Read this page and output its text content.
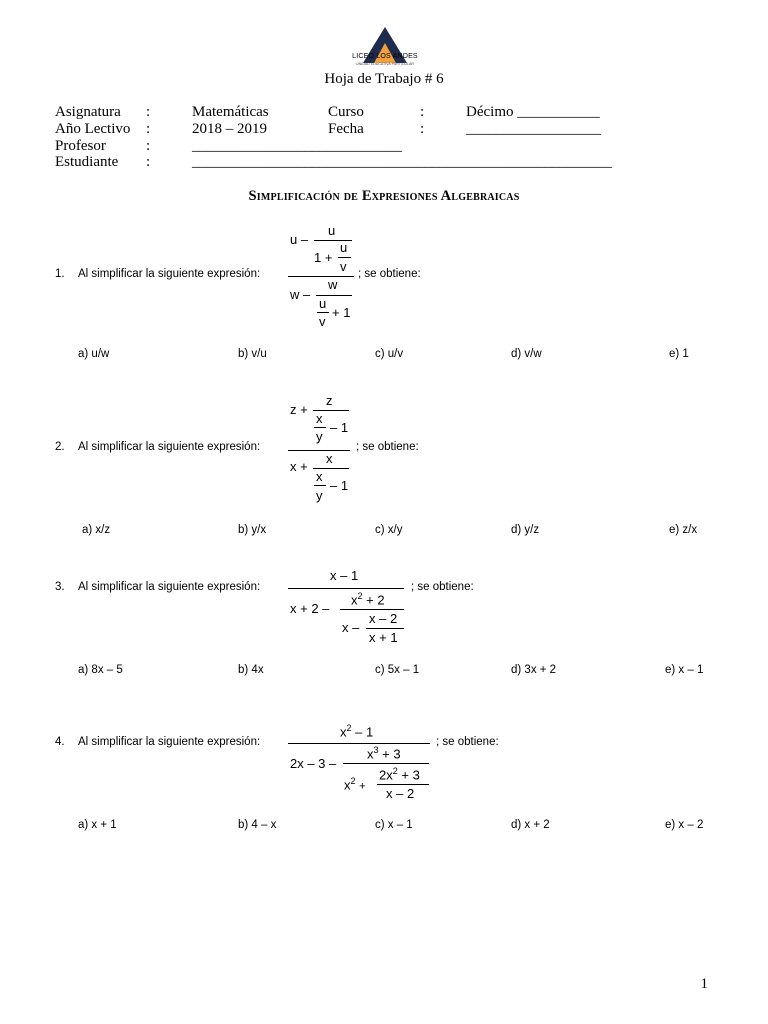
LICEO LOS ANDES
UNIDAD EDUCATIVA PARTICULAR
Hoja de Trabajo # 6
Asignatura :	Matemáticas	Curso	:	Décimo ___________
Año Lectivo :	2018 – 2019	Fecha	:	__________________
Profesor	:	____________________________
Estudiante :	________________________________________________________
Simplificación de Expresiones Algebraicas
1. Al simplificar la siguiente expresión:	; se obtiene:
u –
u
1 +
u
v
w –
w
u
v
+ 1
a) u/w	b) v/u	c) u/v	d) v/w	e) 1
2. Al simplificar la siguiente expresión:	; se obtiene:
z +
z
x
y
– 1
x +
x
x
y
– 1
a) x/z	b) y/x	c) x/y	d) y/z	e) z/x
3. Al simplificar la siguiente expresión:	; se obtiene:
x – 1
x + 2 –
$x^2 + 2$
x –
x – 2
x + 1
a) 8x – 5	b) 4x	c) 5x – 1	d) 3x + 2	e) x – 1
4. Al simplificar la siguiente expresión:	; se obtiene:
$x^2 - 1$
2x – 3 –
$x^3 + 3$
$x^2$ +
$2x^2 + 3$
x – 2
a) x + 1	b) 4 – x	c) x – 1	d) x + 2	e) x – 2
1
